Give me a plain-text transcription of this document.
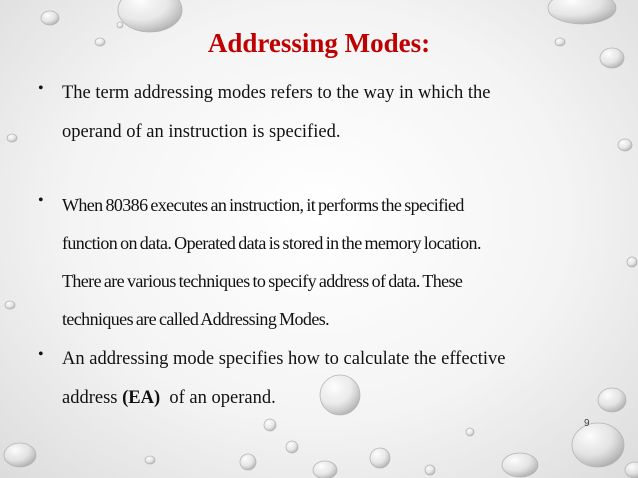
Addressing Modes:
• The term addressing modes refers to the way in which the
operand of an instruction is specified.
• When 80386 executes an instruction, it performs the specified
function on data. Operated data is stored in the memory location.
There are various techniques to specify address of data. These
techniques are called Addressing Modes.
• An addressing mode specifies how to calculate the effective
address (EA)  of an operand.
9
